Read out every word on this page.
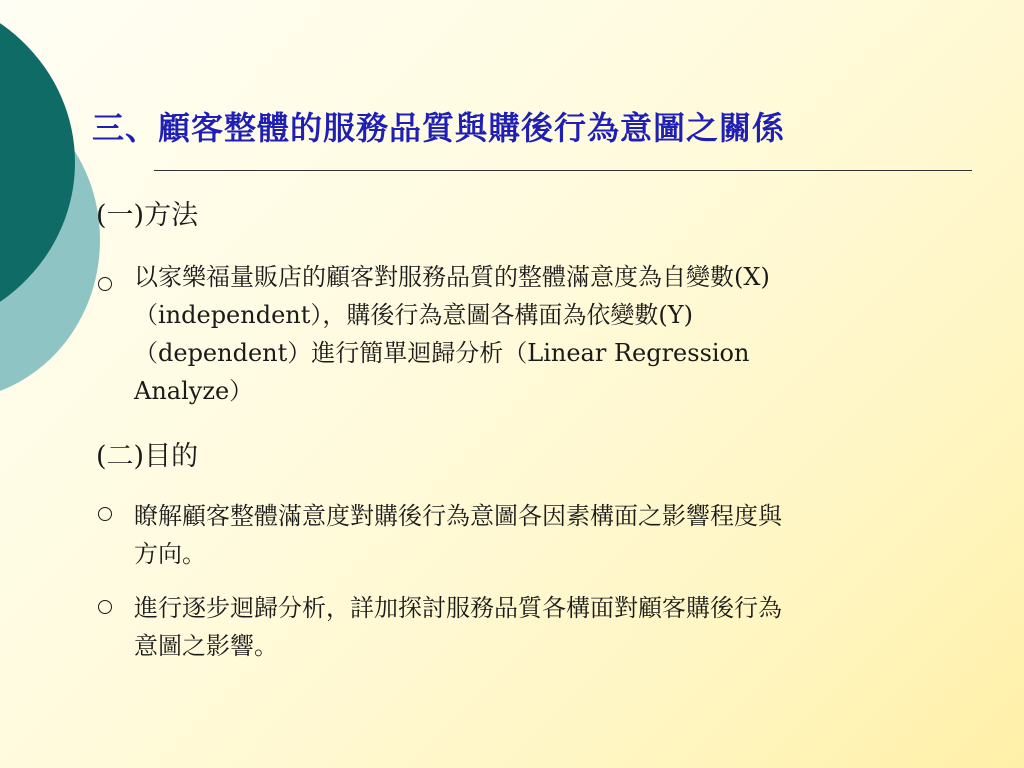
三、顧客整體的服務品質與購後行為意圖之關係
(一)方法
以家樂福量販店的顧客對服務品質的整體滿意度為自變數(X)
（independent），購後行為意圖各構面為依變數(Y)
（dependent）進行簡單迴歸分析（Linear Regression
Analyze）
(二)目的
瞭解顧客整體滿意度對購後行為意圖各因素構面之影響程度與
方向。
進行逐步迴歸分析，詳加探討服務品質各構面對顧客購後行為
意圖之影響。
